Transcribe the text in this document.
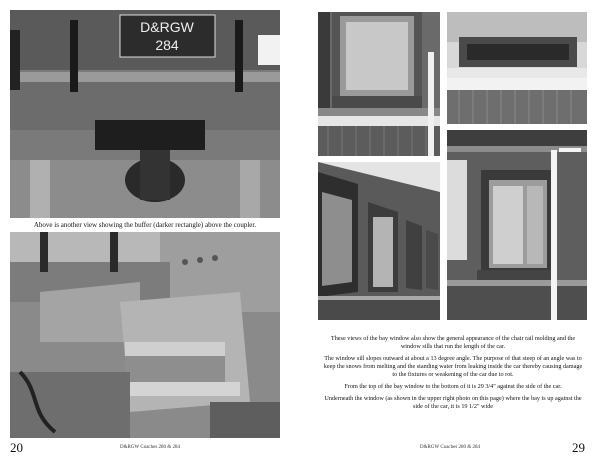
D&RGW
284
Above is another view showing the buffer (darker rectangle) above the coupler.
20	D&RGW Coaches 280 & 284

These views of the bay window also show the general appearance of the chair rail molding and the window sills that run the length of the car.

The window sill slopes outward at about a 13 degree angle. The purpose of that steep of an angle was to keep the snows from melting and the standing water from leaking inside the car thereby causing damage to the fixtures or weakening of the car due to rot.

From the top of the bay window to the bottom of it is 29 3/4" against the side of the car.

Underneath the window (as shown in the upper right photo on this page) where the bay is up against the side of the car, it is 19 1/2" wide

29
D&RGW Coaches 280 & 284
